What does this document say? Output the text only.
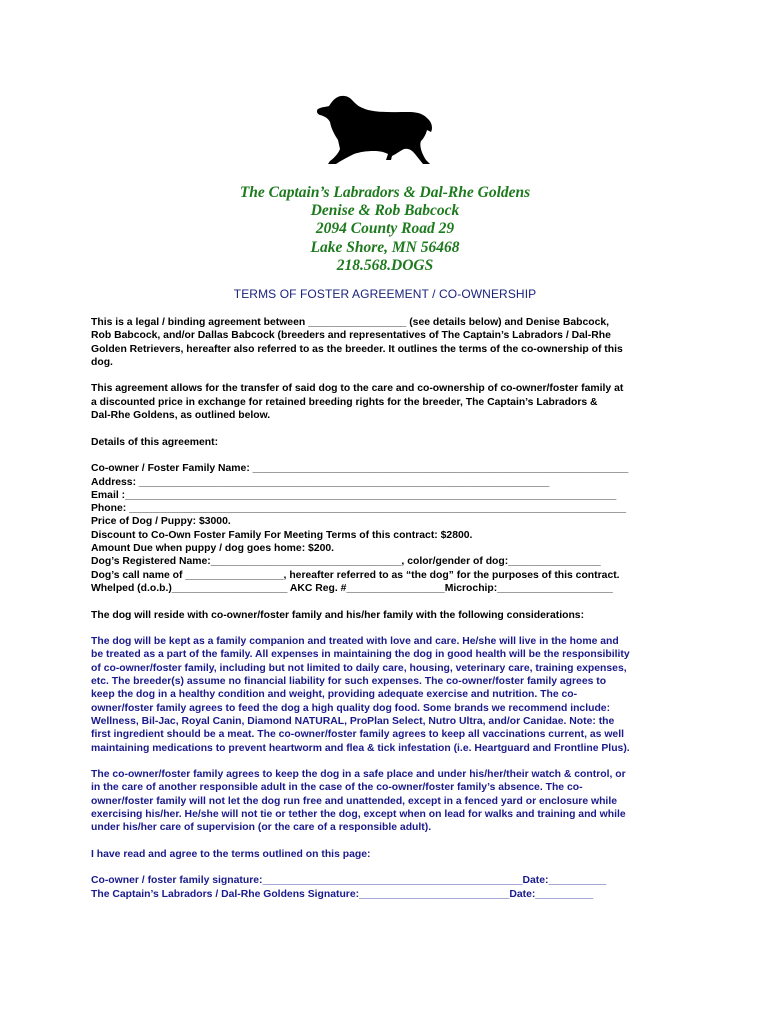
The Captain’s Labradors & Dal-Rhe Goldens
Denise & Rob Babcock
2094 County Road 29
Lake Shore, MN 56468
218.568.DOGS
TERMS OF FOSTER AGREEMENT / CO-OWNERSHIP
This is a legal / binding agreement between _________________ (see details below) and Denise Babcock,
Rob Babcock, and/or Dallas Babcock (breeders and representatives of The Captain’s Labradors / Dal-Rhe
Golden Retrievers, hereafter also referred to as the breeder. It outlines the terms of the co-ownership of this
dog.
This agreement allows for the transfer of said dog to the care and co-ownership of co-owner/foster family at
a discounted price in exchange for retained breeding rights for the breeder, The Captain’s Labradors &
Dal-Rhe Goldens, as outlined below.
Details of this agreement:
Co-owner / Foster Family Name: _________________________________________________________________
Address: _______________________________________________________________________
Email :_____________________________________________________________________________________
Phone: ______________________________________________________________________________________
Price of Dog / Puppy: $3000.
Discount to Co-Own Foster Family For Meeting Terms of this contract: $2800.
Amount Due when puppy / dog goes home: $200.
Dog’s Registered Name:_________________________________, color/gender of dog:________________
Dog’s call name of _________________, hereafter referred to as “the dog” for the purposes of this contract.
Whelped (d.o.b.)____________________ AKC Reg. #_________________Microchip:____________________
The dog will reside with co-owner/foster family and his/her family with the following considerations:
The dog will be kept as a family companion and treated with love and care. He/she will live in the home and
be treated as a part of the family. All expenses in maintaining the dog in good health will be the responsibility
of co-owner/foster family, including but not limited to daily care, housing, veterinary care, training expenses,
etc. The breeder(s) assume no financial liability for such expenses. The co-owner/foster family agrees to
keep the dog in a healthy condition and weight, providing adequate exercise and nutrition. The co-
owner/foster family agrees to feed the dog a high quality dog food. Some brands we recommend include:
Wellness, Bil-Jac, Royal Canin, Diamond NATURAL, ProPlan Select, Nutro Ultra, and/or Canidae. Note: the
first ingredient should be a meat. The co-owner/foster family agrees to keep all vaccinations current, as well
maintaining medications to prevent heartworm and flea & tick infestation (i.e. Heartguard and Frontline Plus).
The co-owner/foster family agrees to keep the dog in a safe place and under his/her/their watch & control, or
in the care of another responsible adult in the case of the co-owner/foster family’s absence. The co-
owner/foster family will not let the dog run free and unattended, except in a fenced yard or enclosure while
exercising his/her. He/she will not tie or tether the dog, except when on lead for walks and training and while
under his/her care of supervision (or the care of a responsible adult).
I have read and agree to the terms outlined on this page:
Co-owner / foster family signature:_____________________________________________Date:__________
The Captain’s Labradors / Dal-Rhe Goldens Signature:__________________________Date:__________
